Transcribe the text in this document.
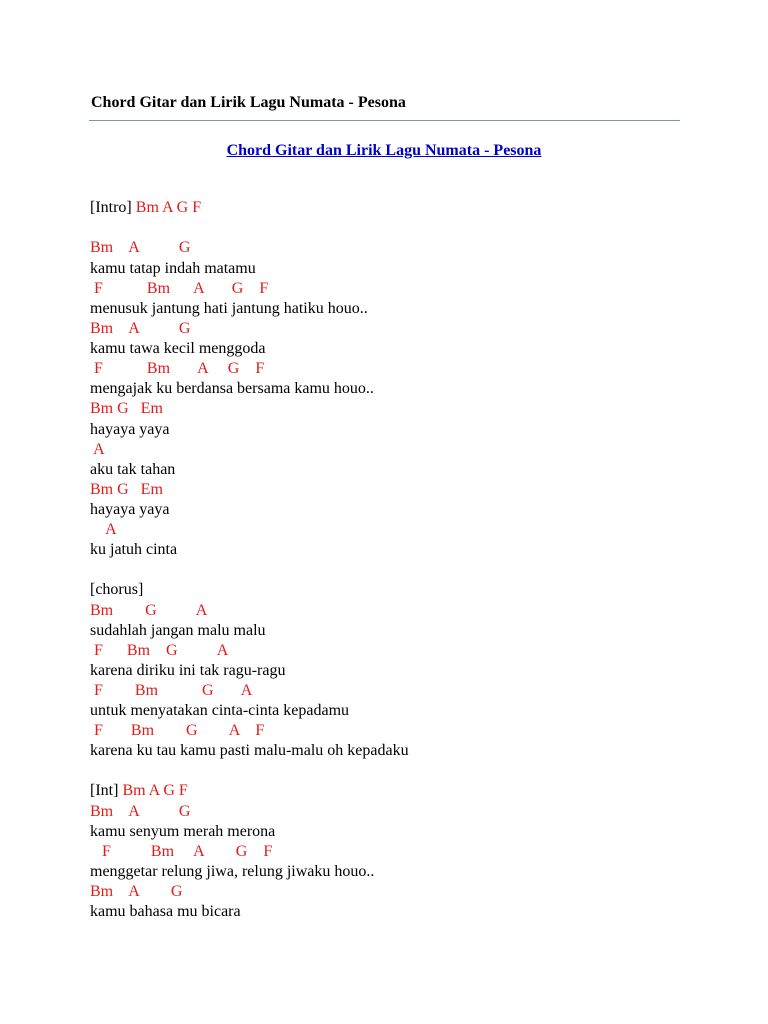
Chord Gitar dan Lirik Lagu Numata - Pesona
Chord Gitar dan Lirik Lagu Numata - Pesona
[Intro] Bm A G F
Bm    A          G
kamu tatap indah matamu
F           Bm      A       G    F
menusuk jantung hati jantung hatiku houo..
Bm    A          G
kamu tawa kecil menggoda
F           Bm       A     G    F
mengajak ku berdansa bersama kamu houo..
Bm G   Em
hayaya yaya
A
aku tak tahan
Bm G   Em
hayaya yaya
A
ku jatuh cinta
[chorus]
Bm        G          A
sudahlah jangan malu malu
F      Bm    G          A
karena diriku ini tak ragu-ragu
F        Bm           G       A
untuk menyatakan cinta-cinta kepadamu
F       Bm        G        A    F
karena ku tau kamu pasti malu-malu oh kepadaku
[Int] Bm A G F
Bm    A          G
kamu senyum merah merona
F          Bm     A        G    F
menggetar relung jiwa, relung jiwaku houo..
Bm    A        G
kamu bahasa mu bicara
